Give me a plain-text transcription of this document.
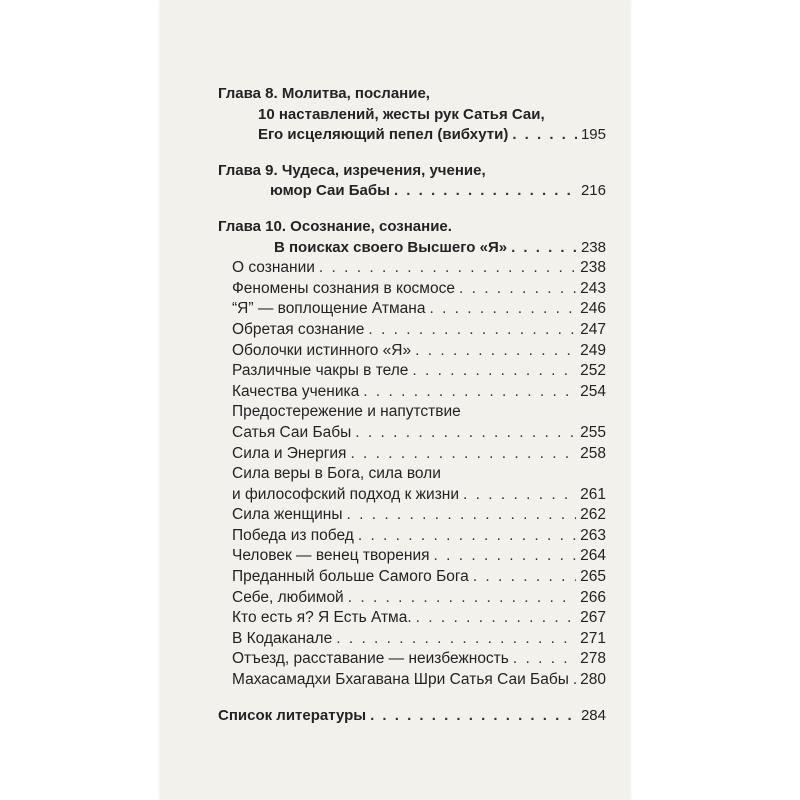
Глава 8. Молитва, послание,
10 наставлений, жесты рук Сатья Саи,
Его исцеляющий пепел (вибхути) . . .	195
Глава 9. Чудеса, изречения, учение,
юмор Саи Бабы . . .	216
Глава 10. Осознание, сознание.
В поисках своего Высшего «Я» . . .	238
О сознании . . .	238
Феномены сознания в космосе . . .	243
“Я” — воплощение Атмана . . .	246
Обретая сознание . . .	247
Оболочки истинного «Я» . . .	249
Различные чакры в теле . . .	252
Качества ученика . . .	254
Предостережение и напутствие
Сатья Саи Бабы . . .	255
Сила и Энергия . . .	258
Сила веры в Бога, сила воли
и философский подход к жизни . . .	261
Сила женщины . . .	262
Победа из побед . . .	263
Человек — венец творения . . .	264
Преданный больше Самого Бога . . .	265
Себе, любимой . . .	266
Кто есть я? Я Есть Атма. . . .	267
В Кодаканале . . .	271
Отъезд, расставание — неизбежность . . .	278
Махасамадхи Бхагавана Шри Сатья Саи Бабы . . . 280
Список литературы . . .	284
